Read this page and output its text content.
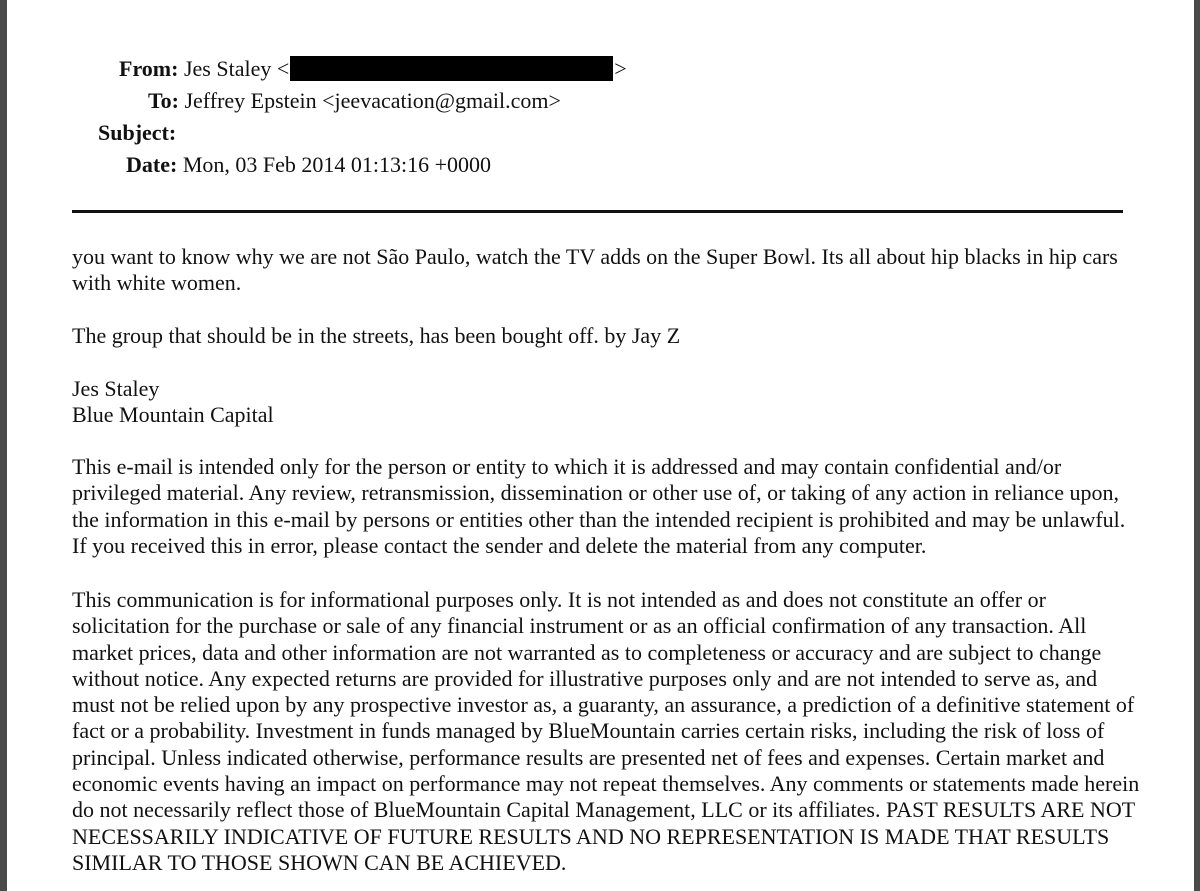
From: Jes Staley <	>
To: Jeffrey Epstein <jeevacation@gmail.com>
Subject:
Date: Mon, 03 Feb 2014 01:13:16 +0000

you want to know why we are not São Paulo, watch the TV adds on the Super Bowl. Its all about hip blacks in hip cars with white women.

The group that should be in the streets, has been bought off. by Jay Z

Jes Staley

Blue Mountain Capital

This e-mail is intended only for the person or entity to which it is addressed and may contain confidential and/or privileged material. Any review, retransmission, dissemination or other use of, or taking of any action in reliance upon, the information in this e-mail by persons or entities other than the intended recipient is prohibited and may be unlawful. If you received this in error, please contact the sender and delete the material from any computer.

This communication is for informational purposes only. It is not intended as and does not constitute an offer or solicitation for the purchase or sale of any financial instrument or as an official confirmation of any transaction. All market prices, data and other information are not warranted as to completeness or accuracy and are subject to change without notice. Any expected returns are provided for illustrative purposes only and are not intended to serve as, and must not be relied upon by any prospective investor as, a guaranty, an assurance, a prediction of a definitive statement of fact or a probability. Investment in funds managed by BlueMountain carries certain risks, including the risk of loss of principal. Unless indicated otherwise, performance results are presented net of fees and expenses. Certain market and economic events having an impact on performance may not repeat themselves. Any comments or statements made herein do not necessarily reflect those of BlueMountain Capital Management, LLC or its affiliates. PAST RESULTS ARE NOT NECESSARILY INDICATIVE OF FUTURE RESULTS AND NO REPRESENTATION IS MADE THAT RESULTS SIMILAR TO THOSE SHOWN CAN BE ACHIEVED.
